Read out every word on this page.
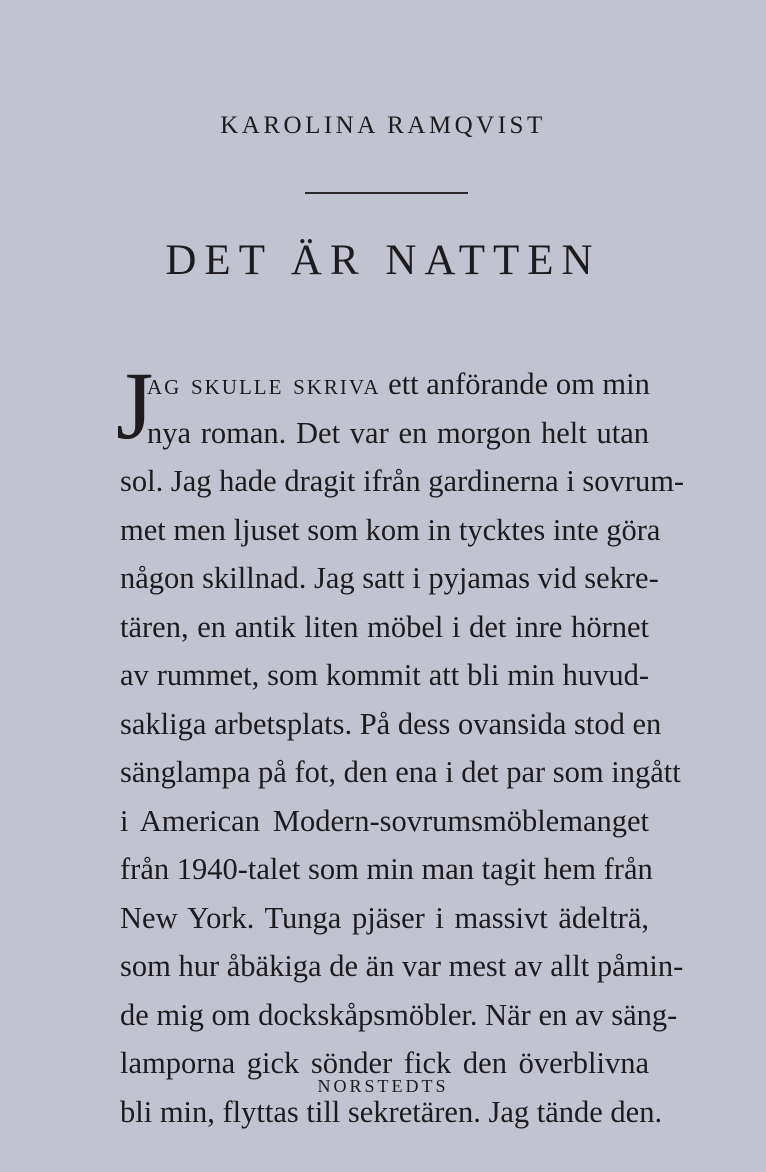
KAROLINA RAMQVIST
DET ÄR NATTEN
J
ag skulle skriva ett anförande om min
nya roman. Det var en morgon helt utan
sol. Jag hade dragit ifrån gardinerna i sovrum-
met men ljuset som kom in tycktes inte göra
någon skillnad. Jag satt i pyjamas vid sekre-
tären, en antik liten möbel i det inre hörnet
av rummet, som kommit att bli min huvud-
sakliga arbetsplats. På dess ovansida stod en
sänglampa på fot, den ena i det par som ingått
i American Modern-sovrumsmöblemanget
från 1940-talet som min man tagit hem från
New York. Tunga pjäser i massivt ädelträ,
som hur åbäkiga de än var mest av allt påmin-
de mig om dockskåpsmöbler. När en av säng-
lamporna gick sönder fick den överblivna
bli min, flyttas till sekretären. Jag tände den.
NORSTEDTS
